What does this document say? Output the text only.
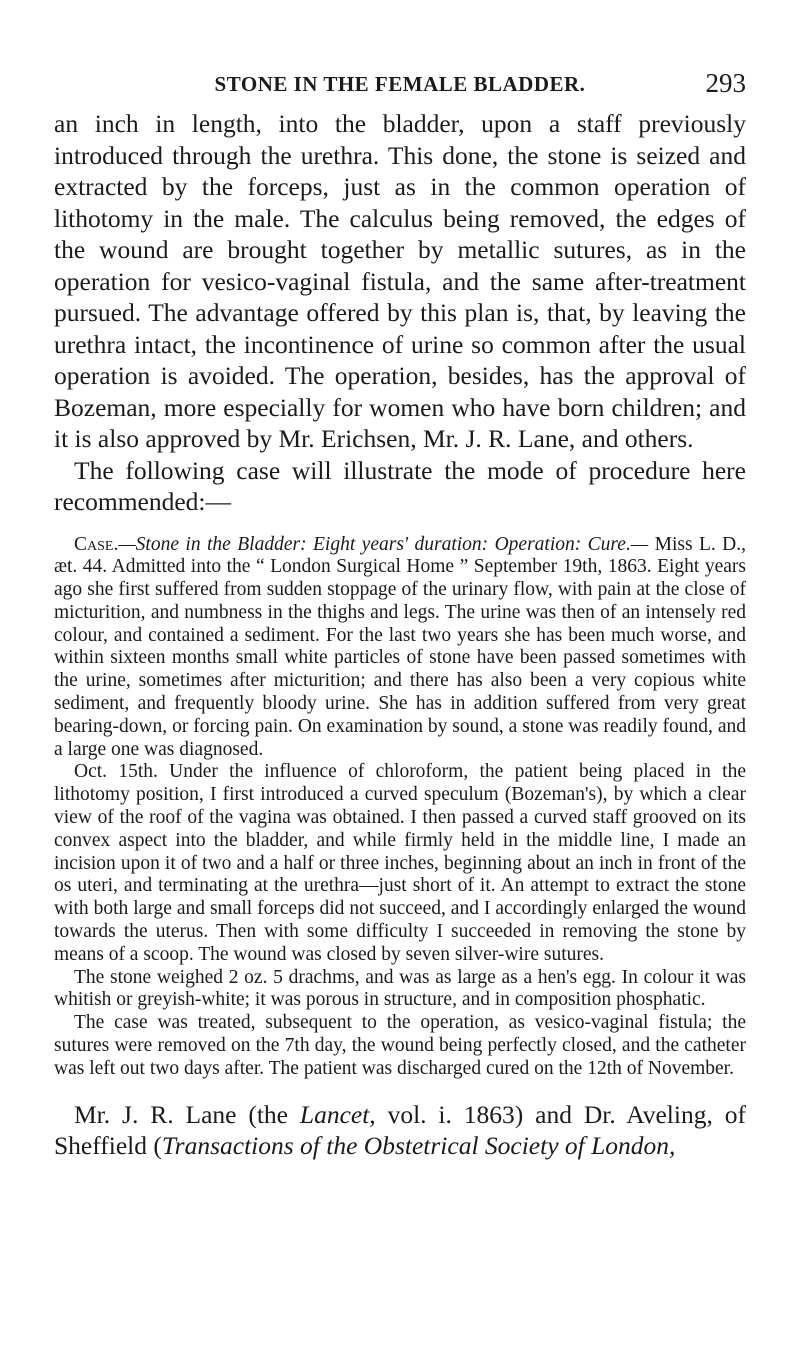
STONE IN THE FEMALE BLADDER.	293

an inch in length, into the bladder, upon a staff previously introduced through the urethra. This done, the stone is seized and extracted by the forceps, just as in the common operation of lithotomy in the male. The calculus being removed, the edges of the wound are brought together by metallic sutures, as in the operation for vesico-vaginal fistula, and the same after-treatment pursued. The advantage offered by this plan is, that, by leaving the urethra intact, the incontinence of urine so common after the usual operation is avoided. The operation, besides, has the approval of Bozeman, more especially for women who have born children; and it is also approved by Mr. Erichsen, Mr. J. R. Lane, and others.

The following case will illustrate the mode of procedure here recommended:—

Case.—Stone in the Bladder: Eight years' duration: Operation: Cure.— Miss L. D., æt. 44. Admitted into the “ London Surgical Home ” September 19th, 1863. Eight years ago she first suffered from sudden stoppage of the urinary flow, with pain at the close of micturition, and numbness in the thighs and legs. The urine was then of an intensely red colour, and contained a sediment. For the last two years she has been much worse, and within sixteen months small white particles of stone have been passed sometimes with the urine, sometimes after micturition; and there has also been a very copious white sediment, and frequently bloody urine. She has in addition suffered from very great bearing-down, or forcing pain. On examination by sound, a stone was readily found, and a large one was diagnosed.

Oct. 15th. Under the influence of chloroform, the patient being placed in the lithotomy position, I first introduced a curved speculum (Bozeman's), by which a clear view of the roof of the vagina was obtained. I then passed a curved staff grooved on its convex aspect into the bladder, and while firmly held in the middle line, I made an incision upon it of two and a half or three inches, beginning about an inch in front of the os uteri, and terminating at the urethra—just short of it. An attempt to extract the stone with both large and small forceps did not succeed, and I accordingly enlarged the wound towards the uterus. Then with some difficulty I succeeded in removing the stone by means of a scoop. The wound was closed by seven silver-wire sutures.

The stone weighed 2 oz. 5 drachms, and was as large as a hen's egg. In colour it was whitish or greyish-white; it was porous in structure, and in composition phosphatic.

The case was treated, subsequent to the operation, as vesico-vaginal fistula; the sutures were removed on the 7th day, the wound being perfectly closed, and the catheter was left out two days after. The patient was discharged cured on the 12th of November.

Mr. J. R. Lane (the Lancet, vol. i. 1863) and Dr. Aveling, of Sheffield (Transactions of the Obstetrical Society of London,
